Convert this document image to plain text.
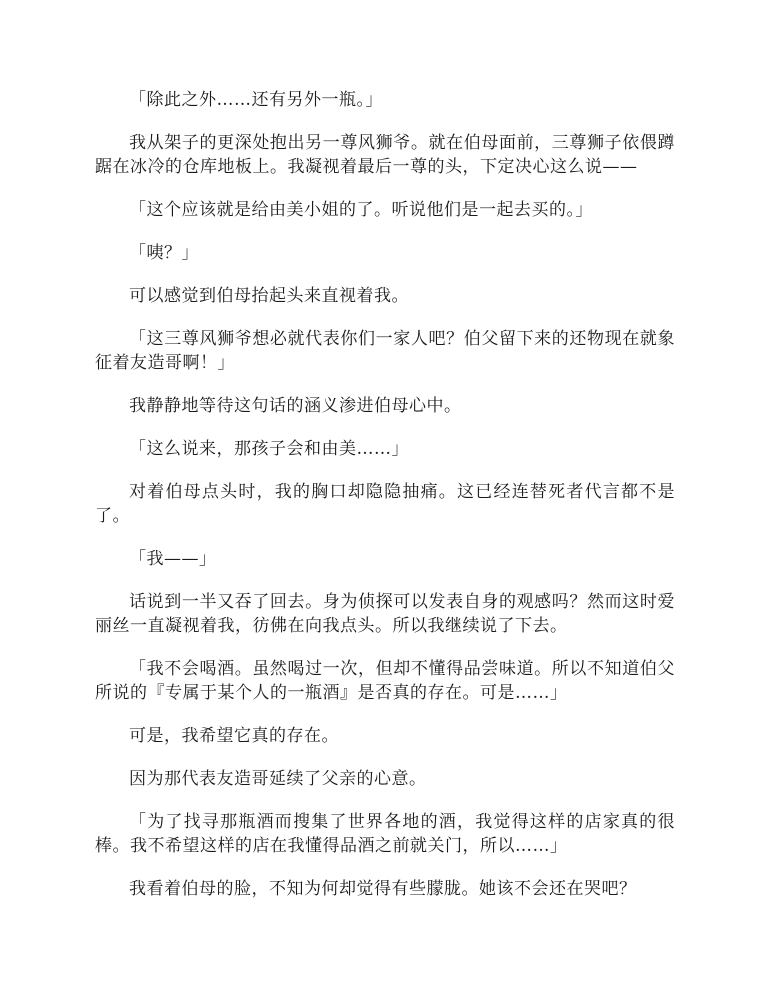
「除此之外……还有另外一瓶。」

我从架子的更深处抱出另一尊风狮爷。就在伯母面前，三尊狮子依偎蹲踞在冰冷的仓库地板上。我凝视着最后一尊的头，下定决心这么说——

「这个应该就是给由美小姐的了。听说他们是一起去买的。」

「咦？」

可以感觉到伯母抬起头来直视着我。

「这三尊风狮爷想必就代表你们一家人吧？伯父留下来的还物现在就象征着友造哥啊！」

我静静地等待这句话的涵义渗进伯母心中。

「这么说来，那孩子会和由美……」

对着伯母点头时，我的胸口却隐隐抽痛。这已经连替死者代言都不是了。

「我——」

话说到一半又吞了回去。身为侦探可以发表自身的观感吗？然而这时爱丽丝一直凝视着我，彷佛在向我点头。所以我继续说了下去。

「我不会喝酒。虽然喝过一次，但却不懂得品尝味道。所以不知道伯父所说的『专属于某个人的一瓶酒』是否真的存在。可是……」

可是，我希望它真的存在。

因为那代表友造哥延续了父亲的心意。

「为了找寻那瓶酒而搜集了世界各地的酒，我觉得这样的店家真的很棒。我不希望这样的店在我懂得品酒之前就关门，所以……」

我看着伯母的脸，不知为何却觉得有些朦胧。她该不会还在哭吧？
